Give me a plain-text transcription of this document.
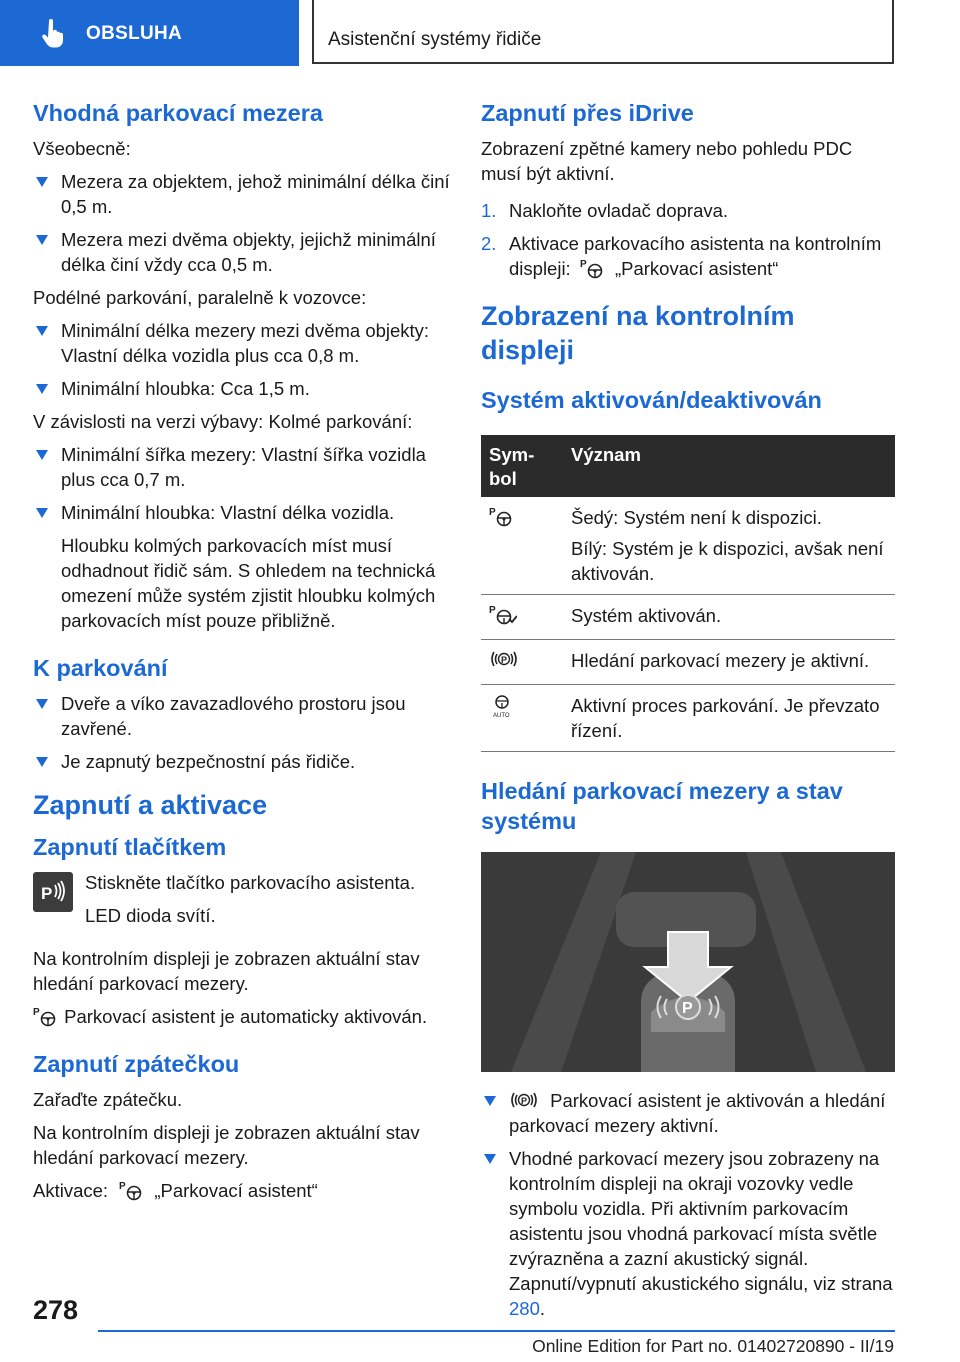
OBSLUHA	Asistenční systémy řidiče
Vhodná parkovací mezera

Všeobecně:

Mezera za objektem, jehož minimální délka činí 0,5 m.
Mezera mezi dvěma objekty, jejichž minimální délka činí vždy cca 0,5 m.

Podélné parkování, paralelně k vozovce:

Minimální délka mezery mezi dvěma objekty: Vlastní délka vozidla plus cca 0,8 m.
Minimální hloubka: Cca 1,5 m.

V závislosti na verzi výbavy: Kolmé parkování:

Minimální šířka mezery: Vlastní šířka vozidla plus cca 0,7 m.
Minimální hloubka: Vlastní délka vozidla.
Hloubku kolmých parkovacích míst musí odhadnout řidič sám. S ohledem na technická omezení může systém zjistit hloubku kolmých parkovacích míst pouze přibližně.
K parkování
Dveře a víko zavazadlového prostoru jsou zavřené.
Je zapnutý bezpečnostní pás řidiče.
Zapnutí a aktivace
Zapnutí tlačítkem
P

Stiskněte tlačítko parkovacího asistenta.

LED dioda svítí.

Na kontrolním displeji je zobrazen aktuální stav hledání parkovací mezery.

P Parkovací asistent je automaticky aktivován.

Zapnutí zpátečkou

Zařaďte zpátečku.

Na kontrolním displeji je zobrazen aktuální stav hledání parkovací mezery.

Aktivace: P „Parkovací asistent“

Zapnutí přes iDrive

Zobrazení zpětné kamery nebo pohledu PDC musí být aktivní.

1. Nakloňte ovladač doprava.
2. Aktivace parkovacího asistenta na kontrolním displeji: P „Parkovací asistent“
Zobrazení na kontrolním displeji
Systém aktivován/deaktivován
Symbol	Význam

P	Šedý: Systém není k dispozici.

Bílý: Systém je k dispozici, avšak není aktivován.

P	Systém aktivován.

P	Hledání parkovací mezery je aktivní.

AUTO	Aktivní proces parkování. Je převzato řízení.
Hledání parkovací mezery a stav systému
P
P Parkovací asistent je aktivován a hledání parkovací mezery aktivní.
Vhodné parkovací mezery jsou zobrazeny na kontrolním displeji na okraji vozovky vedle symbolu vozidla. Při aktivním parkovacím asistentu jsou vhodná parkovací místa světle zvýrazněna a zazní akustický signál. Zapnutí/vypnutí akustického signálu, viz strana 280.
278
Online Edition for Part no. 01402720890 - II/19
